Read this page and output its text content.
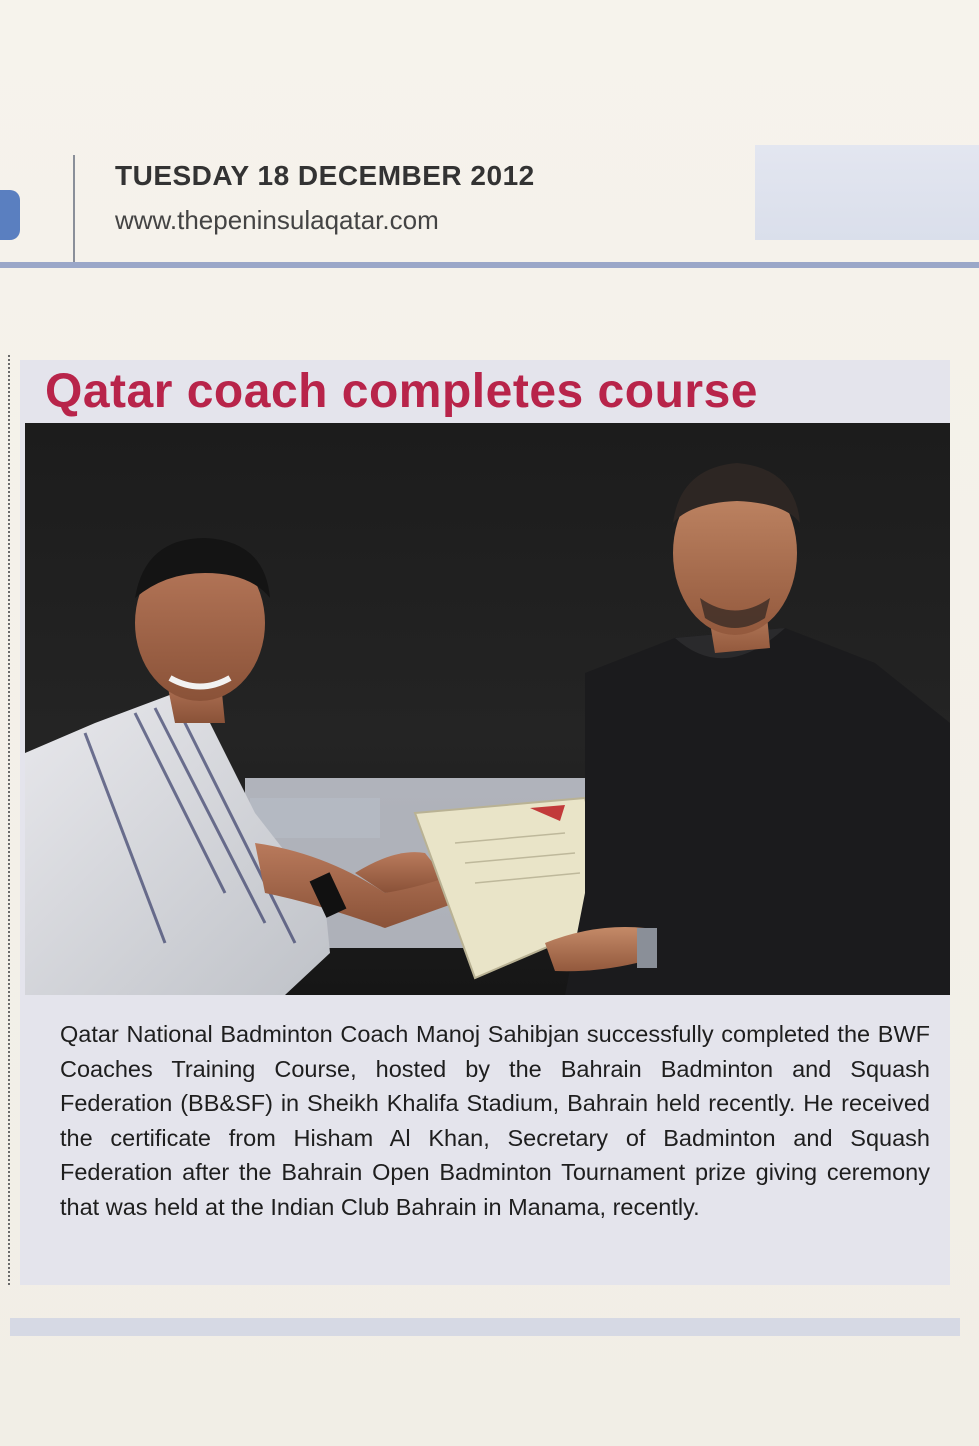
TUESDAY 18 DECEMBER 2012
www.thepeninsulaqatar.com
Qatar coach completes course
Qatar National Badminton Coach Manoj Sahibjan successfully completed the BWF Coaches Training Course, hosted by the Bahrain Badminton and Squash Federation (BB&SF) in Sheikh Khalifa Stadium, Bahrain held recently. He received the certificate from Hisham Al Khan, Secretary of Badminton and Squash Federation after the Bahrain Open Badminton Tournament prize giving ceremony that was held at the Indian Club Bahrain in Manama, recently.
